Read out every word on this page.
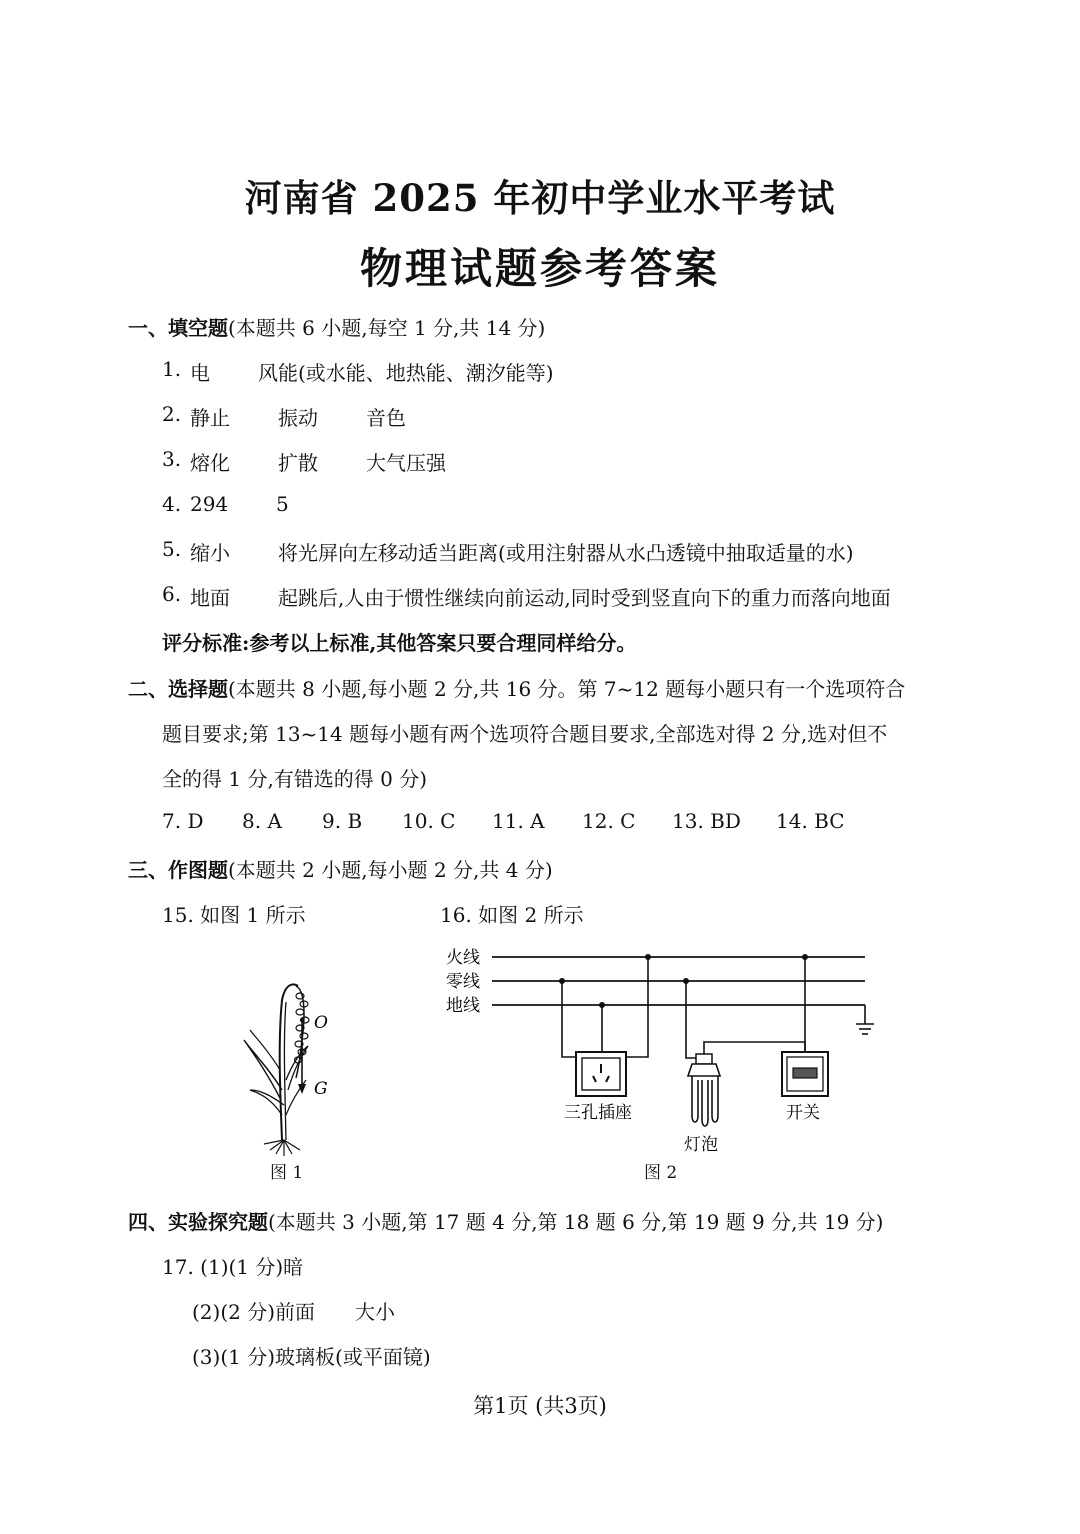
河南省 2025 年初中学业水平考试
物理试题参考答案
一、填空题(本题共 6 小题,每空 1 分,共 14 分)
1. 电 风能(或水能、地热能、潮汐能等)
2. 静止 振动 音色
3. 熔化 扩散 大气压强
4. 294 5
5. 缩小 将光屏向左移动适当距离(或用注射器从水凸透镜中抽取适量的水)
6. 地面 起跳后,人由于惯性继续向前运动,同时受到竖直向下的重力而落向地面
评分标准:参考以上标准,其他答案只要合理同样给分。
二、选择题(本题共 8 小题,每小题 2 分,共 16 分。第 7~12 题每小题只有一个选项符合
题目要求;第 13~14 题每小题有两个选项符合题目要求,全部选对得 2 分,选对但不
全的得 1 分,有错选的得 0 分)
7. D 8. A 9. B 10. C 11. A 12. C 13. BD 14. BC
三、作图题(本题共 2 小题,每小题 2 分,共 4 分)
15. 如图 1 所示	16. 如图 2 所示
O
G
图 1
火线
零线
地线
三孔插座
灯泡
开关
图 2
四、实验探究题(本题共 3 小题,第 17 题 4 分,第 18 题 6 分,第 19 题 9 分,共 19 分)
17. (1)(1 分)暗
(2)(2 分)前面　　大小
(3)(1 分)玻璃板(或平面镜)
第1页 (共3页)
